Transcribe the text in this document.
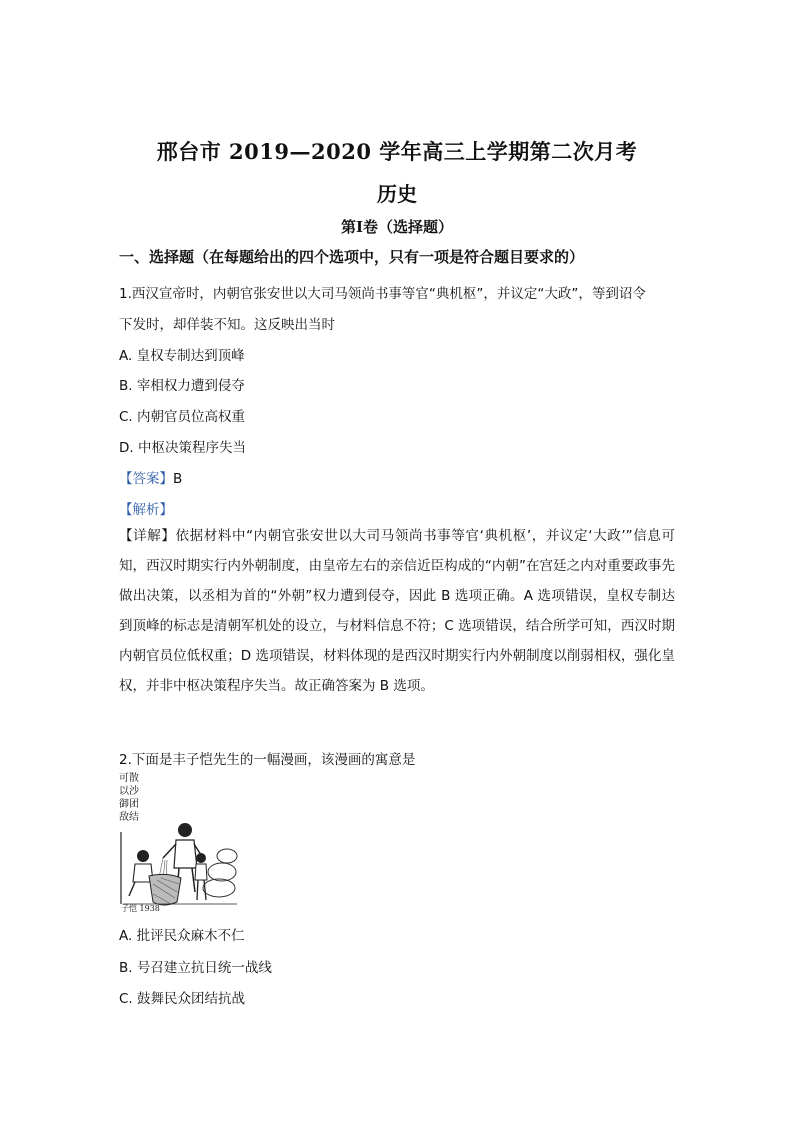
邢台市 2019—2020 学年高三上学期第二次月考
历史
第Ⅰ卷（选择题）
一、选择题（在每题给出的四个选项中，只有一项是符合题目要求的）
1.西汉宣帝时，内朝官张安世以大司马领尚书事等官“典机枢”，并议定“大政”，等到诏令
下发时，却佯装不知。这反映出当时
A. 皇权专制达到顶峰
B. 宰相权力遭到侵夺
C. 内朝官员位高权重
D. 中枢决策程序失当
【答案】B
【解析】
【详解】依据材料中“内朝官张安世以大司马领尚书事等官‘典机枢’，并议定‘大政’”信息可知，西汉时期实行内外朝制度，由皇帝左右的亲信近臣构成的“内朝”在宫廷之内对重要政事先做出决策，以丞相为首的“外朝”权力遭到侵夺，因此 B 选项正确。A 选项错误，皇权专制达到顶峰的标志是清朝军机处的设立，与材料信息不符；C 选项错误，结合所学可知，西汉时期内朝官员位低权重；D 选项错误，材料体现的是西汉时期实行内外朝制度以削弱相权，强化皇权，并非中枢决策程序失当。故正确答案为 B 选项。
2.下面是丰子恺先生的一幅漫画，该漫画的寓意是
可散
以沙
御团
敌结
子恺 1938
A. 批评民众麻木不仁
B. 号召建立抗日统一战线
C. 鼓舞民众团结抗战
